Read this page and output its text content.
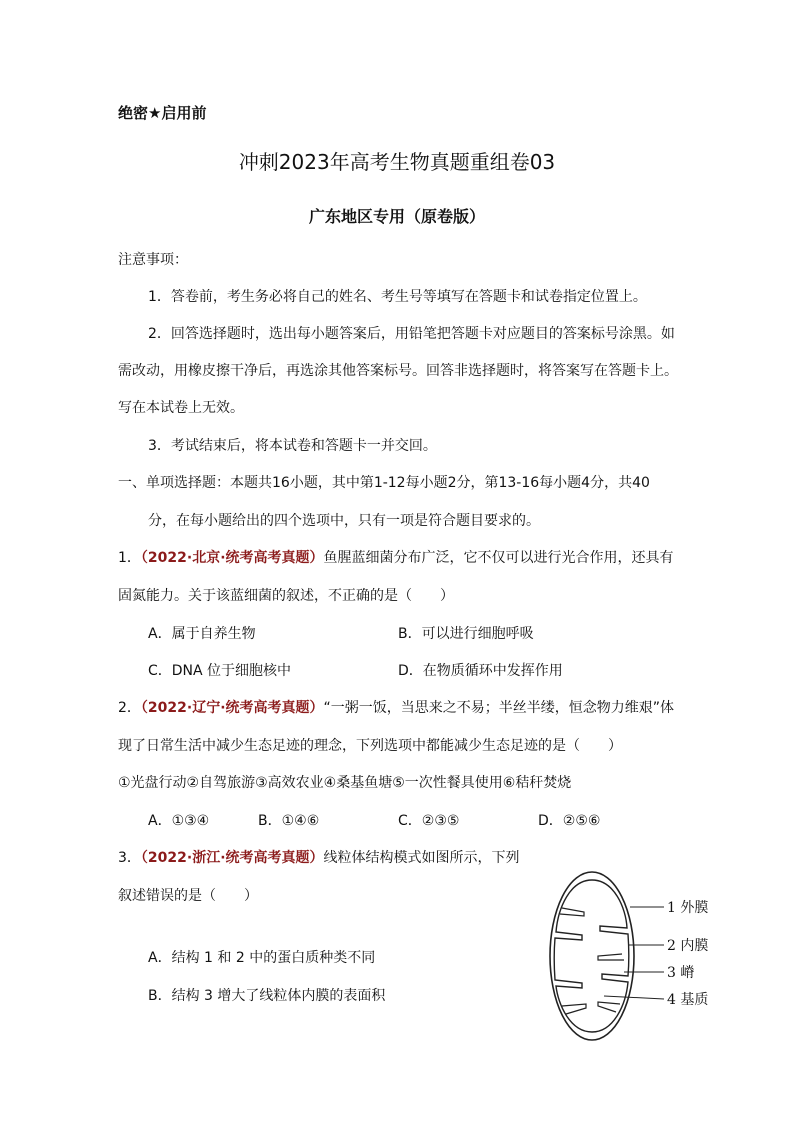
绝密★启用前
冲刺2023年高考生物真题重组卷03
广东地区专用（原卷版）
注意事项：
1．答卷前，考生务必将自己的姓名、考生号等填写在答题卡和试卷指定位置上。
2．回答选择题时，选出每小题答案后，用铅笔把答题卡对应题目的答案标号涂黑。如
需改动，用橡皮擦干净后，再选涂其他答案标号。回答非选择题时，将答案写在答题卡上。
写在本试卷上无效。
3．考试结束后，将本试卷和答题卡一并交回。
一、单项选择题：本题共16小题，其中第1-12每小题2分，第13-16每小题4分，共40
分，在每小题给出的四个选项中，只有一项是符合题目要求的。
1．（2022·北京·统考高考真题）鱼腥蓝细菌分布广泛，它不仅可以进行光合作用，还具有
固氮能力。关于该蓝细菌的叙述，不正确的是（　　）
A．属于自养生物	B．可以进行细胞呼吸
C．DNA 位于细胞核中	D．在物质循环中发挥作用
2．（2022·辽宁·统考高考真题）“一粥一饭，当思来之不易；半丝半缕，恒念物力维艰”体
现了日常生活中减少生态足迹的理念，下列选项中都能减少生态足迹的是（　　）
①光盘行动②自驾旅游③高效农业④桑基鱼塘⑤一次性餐具使用⑥秸秆焚烧
A．①③④	B．①④⑥	C．②③⑤	D．②⑤⑥
3．（2022·浙江·统考高考真题）线粒体结构模式如图所示，下列
叙述错误的是（　　）
A．结构 1 和 2 中的蛋白质种类不同
B．结构 3 增大了线粒体内膜的表面积
1 外膜
2 内膜
3 嵴
4 基质
